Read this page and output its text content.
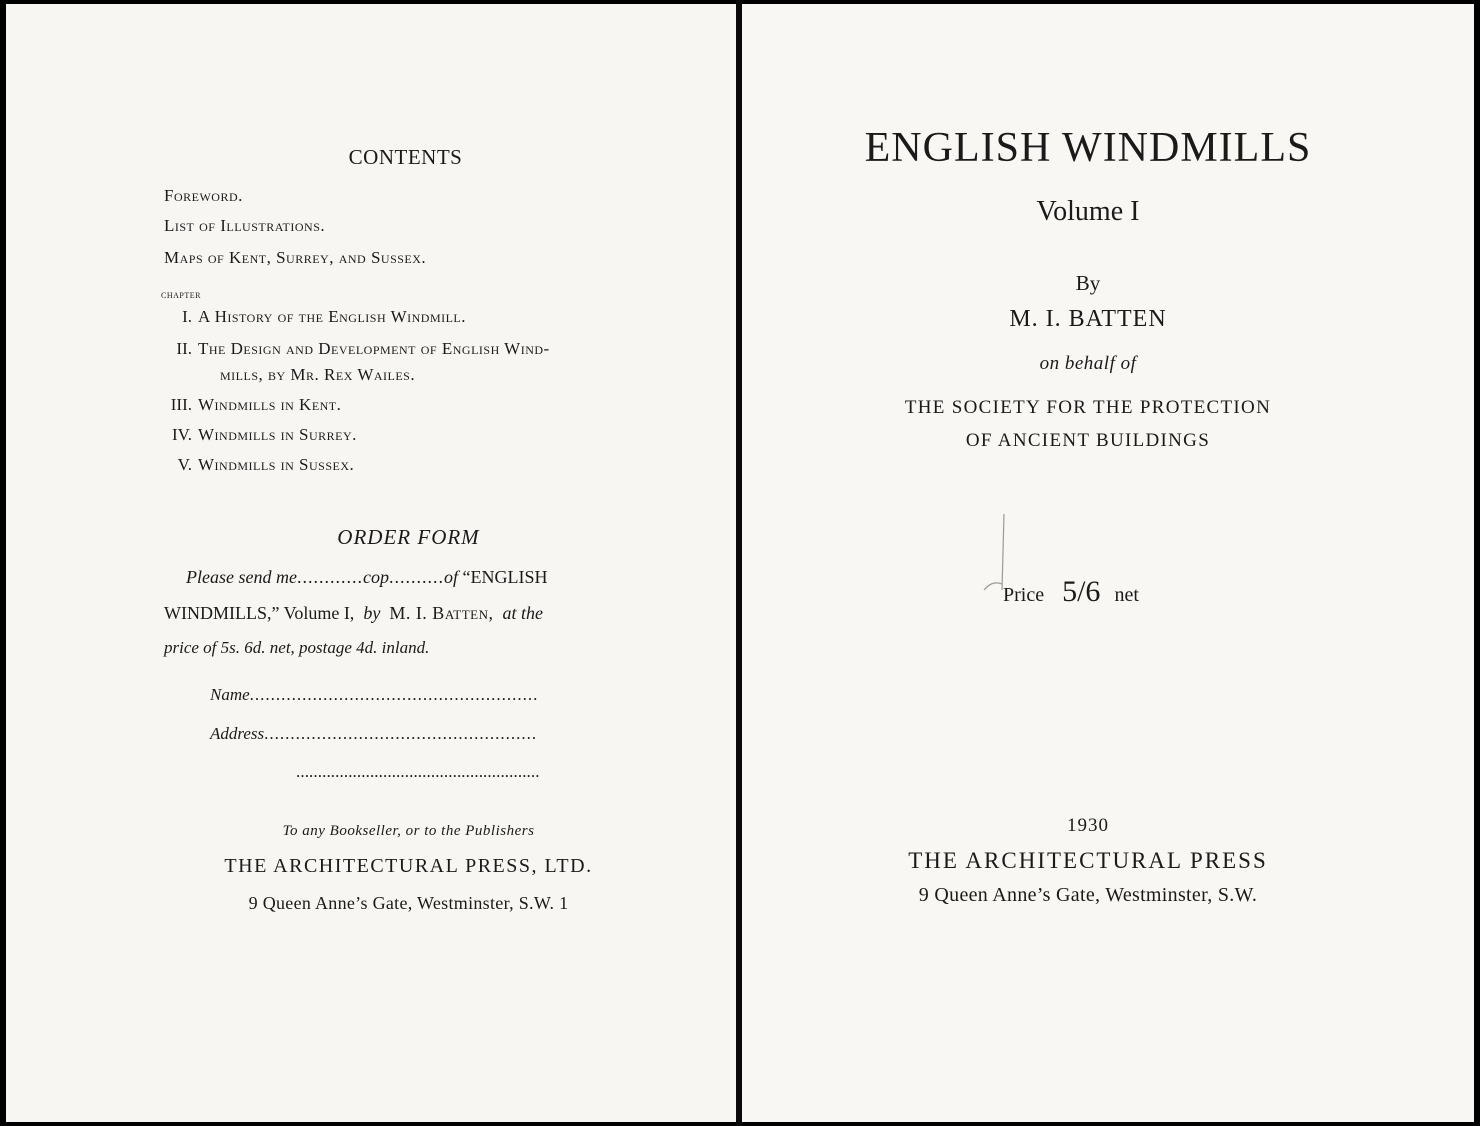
CONTENTS
Foreword.
List of Illustrations.
Maps of Kent, Surrey, and Sussex.
CHAPTER
I. A History of the English Windmill.
II. The Design and Development of English Wind-
mills, by Mr. Rex Wailes.
III. Windmills in Kent.
IV. Windmills in Surrey.
V. Windmills in Sussex.
ORDER FORM
Please send me............cop..........of “ENGLISH
WINDMILLS,” Volume I, by M. I. Batten, at the
price of 5s. 6d. net, postage 4d. inland.
Name.......................................................
Address....................................................
........................................................
To any Bookseller, or to the Publishers
THE ARCHITECTURAL PRESS, LTD.
9 Queen Anne’s Gate, Westminster, S.W. 1
ENGLISH WINDMILLS
Volume I
By
M. I. BATTEN
on behalf of
THE SOCIETY FOR THE PROTECTION
OF ANCIENT BUILDINGS
Price 5/6 net
1930
THE ARCHITECTURAL PRESS
9 Queen Anne’s Gate, Westminster, S.W.
